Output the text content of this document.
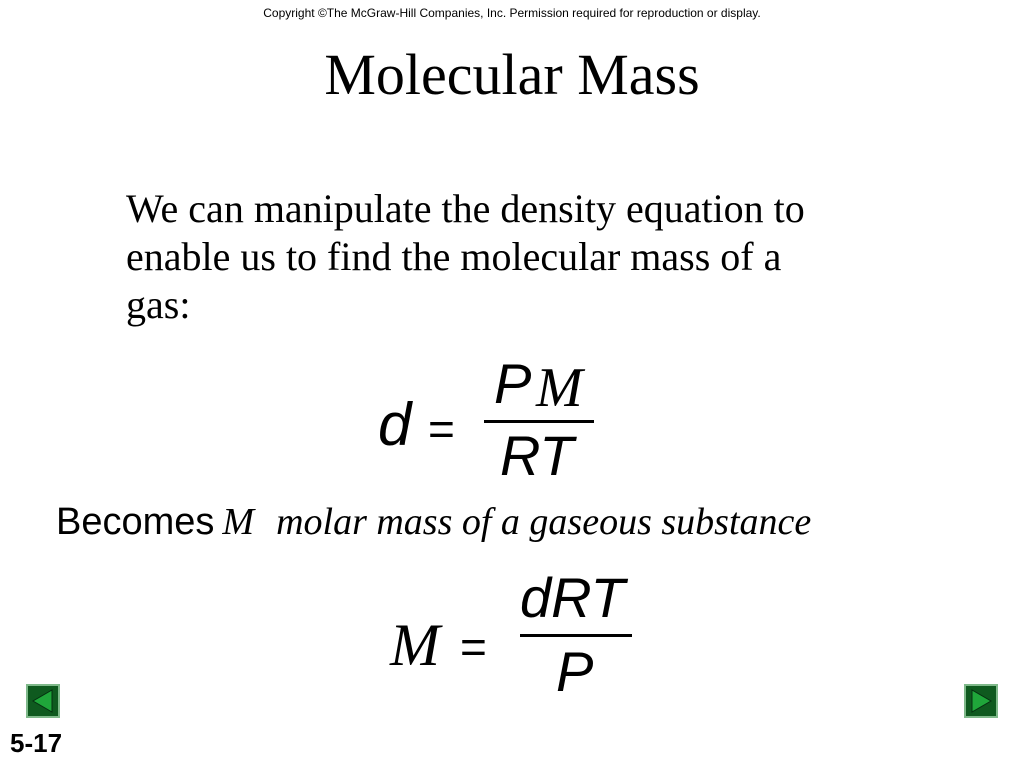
Copyright ©The McGraw-Hill Companies, Inc. Permission required for reproduction or display.
Molecular Mass
We can manipulate the density equation to
enable us to find the molecular mass of a
gas:
d =
P M
RT
Becomes M molar mass of a gaseous substance
M =
dRT
P
5-17
